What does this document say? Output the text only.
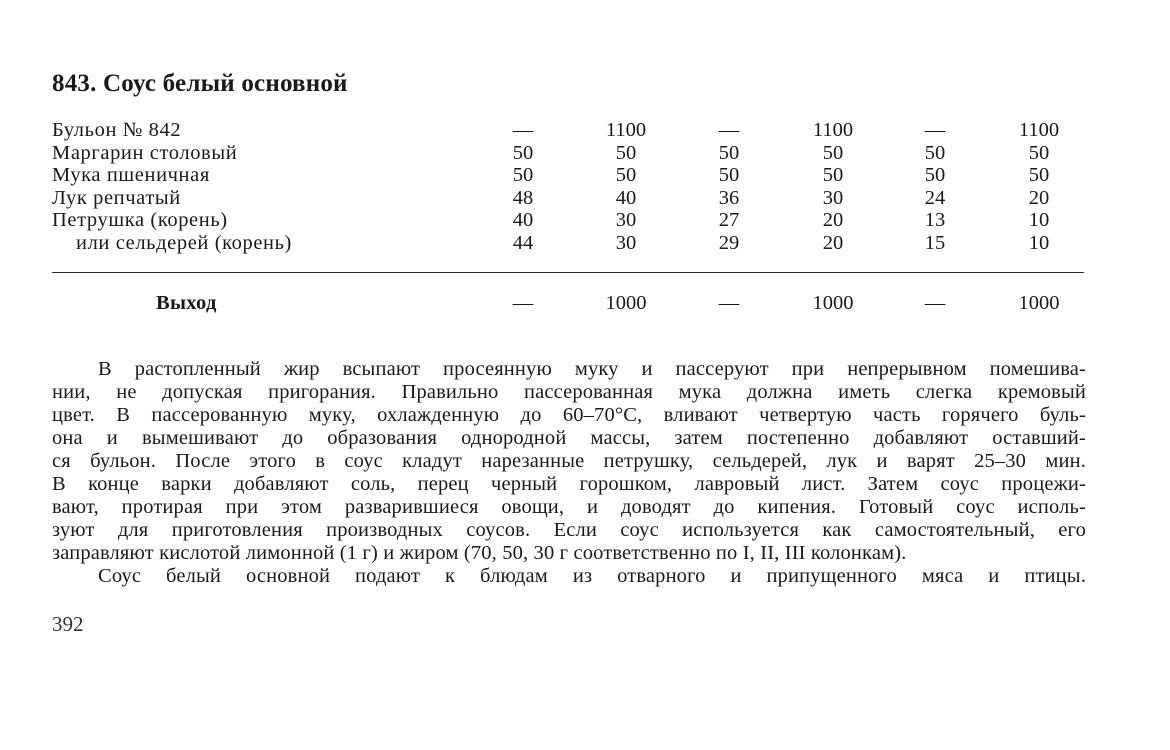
843. Соус белый основной
Бульон № 842	—	1100	—	1100	—	1100
Маргарин столовый	50	50	50	50	50	50
Мука пшеничная	50	50	50	50	50	50
Лук репчатый	48	40	36	30	24	20
Петрушка (корень)	40	30	27	20	13	10
или сельдерей (корень)	44	30	29	20	15	10
Выход	—	1000	—	1000	—	1000
В растопленный жир всыпают просеянную муку и пассеруют при непрерывном помешива-
нии, не допуская пригорания. Правильно пассерованная мука должна иметь слегка кремовый
цвет. В пассерованную муку, охлажденную до 60–70°С, вливают четвертую часть горячего буль-
она и вымешивают до образования однородной массы, затем постепенно добавляют оставший-
ся бульон. После этого в соус кладут нарезанные петрушку, сельдерей, лук и варят 25–30 мин.
В конце варки добавляют соль, перец черный горошком, лавровый лист. Затем соус процежи-
вают, протирая при этом разварившиеся овощи, и доводят до кипения. Готовый соус исполь-
зуют для приготовления производных соусов. Если соус используется как самостоятельный, его
заправляют кислотой лимонной (1 г) и жиром (70, 50, 30 г соответственно по I, II, III колонкам).
Соус белый основной подают к блюдам из отварного и припущенного мяса и птицы.
392
